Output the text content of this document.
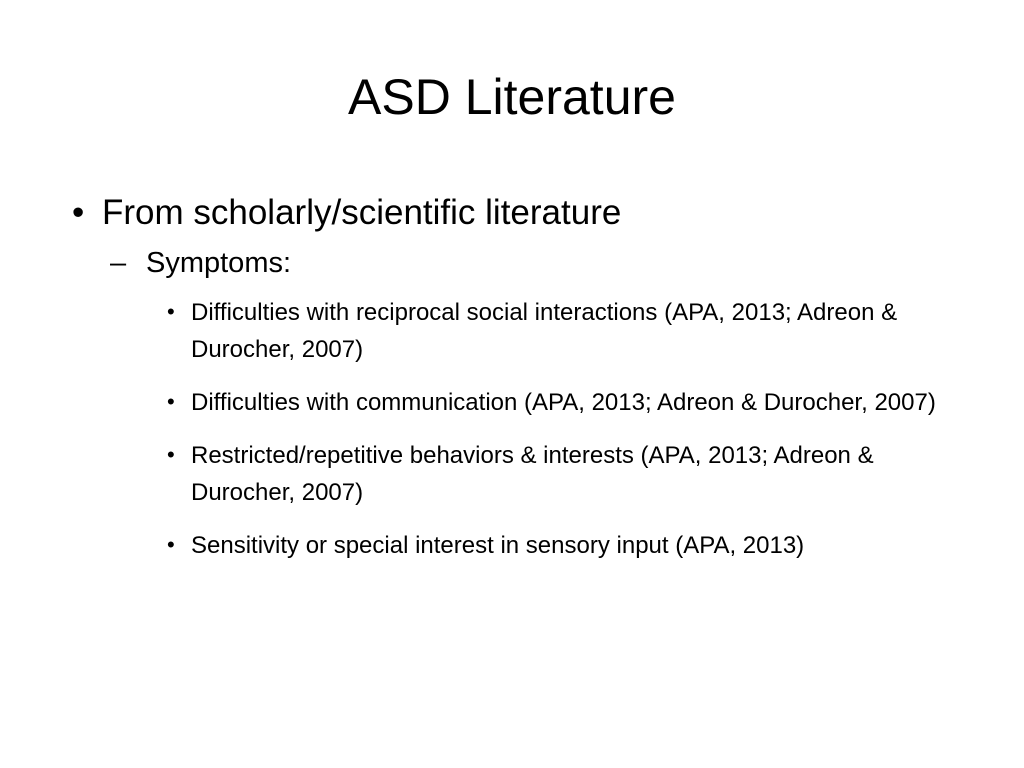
ASD Literature
• From scholarly/scientific literature
– Symptoms:
• Difficulties with reciprocal social interactions (APA, 2013; Adreon & Durocher, 2007)
• Difficulties with communication (APA, 2013; Adreon & Durocher, 2007)
• Restricted/repetitive behaviors & interests (APA, 2013; Adreon & Durocher, 2007)
• Sensitivity or special interest in sensory input (APA, 2013)
